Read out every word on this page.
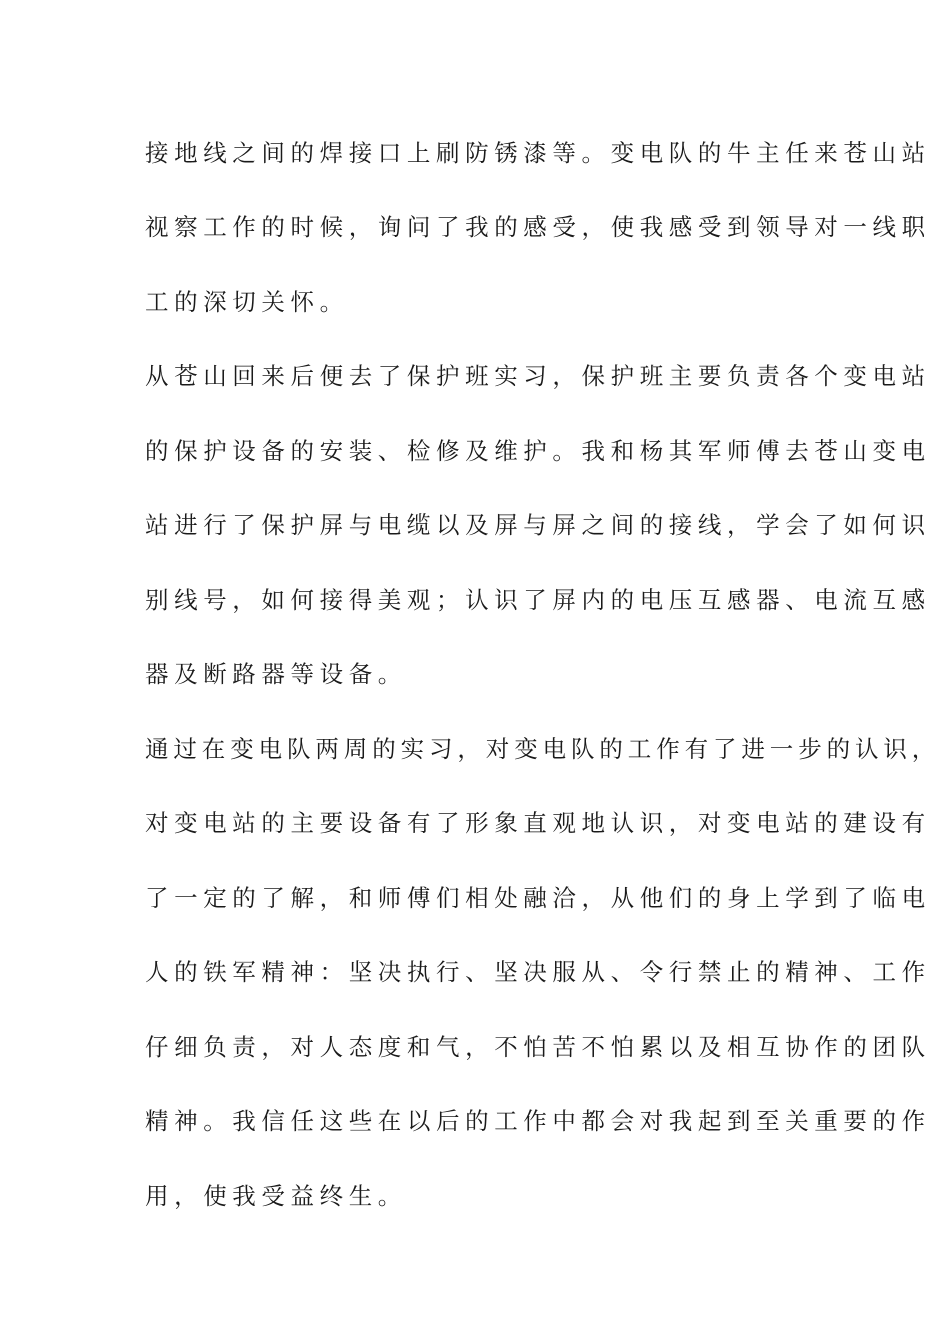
接地线之间的焊接口上刷防锈漆等。变电队的牛主任来苍山站
视察工作的时候，询问了我的感受，使我感受到领导对一线职
工的深切关怀。
从苍山回来后便去了保护班实习，保护班主要负责各个变电站
的保护设备的安装、检修及维护。我和杨其军师傅去苍山变电
站进行了保护屏与电缆以及屏与屏之间的接线，学会了如何识
别线号，如何接得美观；认识了屏内的电压互感器、电流互感
器及断路器等设备。
通过在变电队两周的实习，对变电队的工作有了进一步的认识，
对变电站的主要设备有了形象直观地认识，对变电站的建设有
了一定的了解，和师傅们相处融洽，从他们的身上学到了临电
人的铁军精神：坚决执行、坚决服从、令行禁止的精神、工作
仔细负责，对人态度和气，不怕苦不怕累以及相互协作的团队
精神。我信任这些在以后的工作中都会对我起到至关重要的作
用，使我受益终生。
